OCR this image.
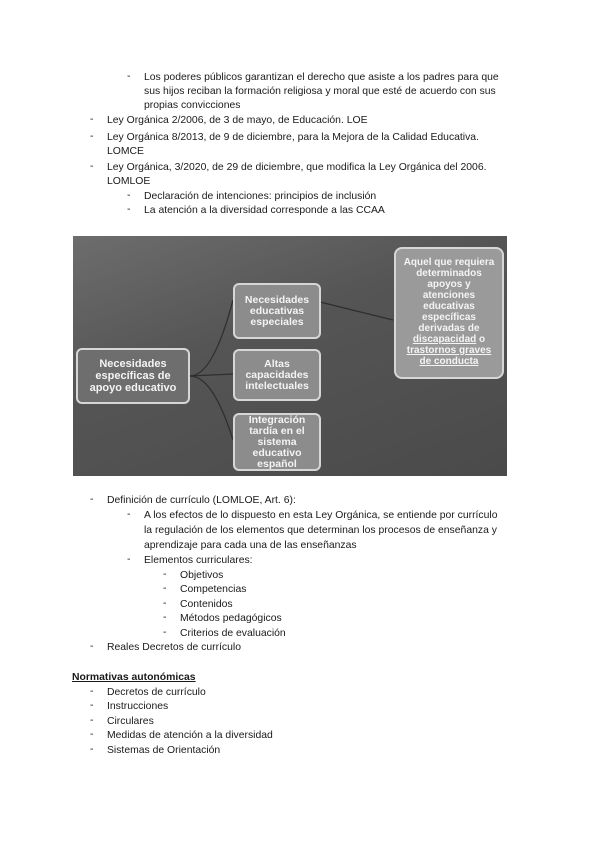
- Los poderes públicos garantizan el derecho que asiste a los padres para que
sus hijos reciban la formación religiosa y moral que esté de acuerdo con sus
propias convicciones
- Ley Orgánica 2/2006, de 3 de mayo, de Educación. LOE
- Ley Orgánica 8/2013, de 9 de diciembre, para la Mejora de la Calidad Educativa.
LOMCE
- Ley Orgánica, 3/2020, de 29 de diciembre, que modifica la Ley Orgánica del 2006.
LOMLOE
- Declaración de intenciones: principios de inclusión
- La atención a la diversidad corresponde a las CCAA
Necesidades específicas de apoyo educativo
Necesidades educativas especiales
Altas capacidades intelectuales
Integración tardía en el sistema educativo español
Aquel que requiera determinados apoyos y atenciones educativas específicas derivadas de discapacidad o trastornos graves de conducta
- Definición de currículo (LOMLOE, Art. 6):
- A los efectos de lo dispuesto en esta Ley Orgánica, se entiende por currículo
la regulación de los elementos que determinan los procesos de enseñanza y
aprendizaje para cada una de las enseñanzas
- Elementos curriculares:
- Objetivos
- Competencias
- Contenidos
- Métodos pedagógicos
- Criterios de evaluación
- Reales Decretos de currículo
Normativas autonómicas
- Decretos de currículo
- Instrucciones
- Circulares
- Medidas de atención a la diversidad
- Sistemas de Orientación
